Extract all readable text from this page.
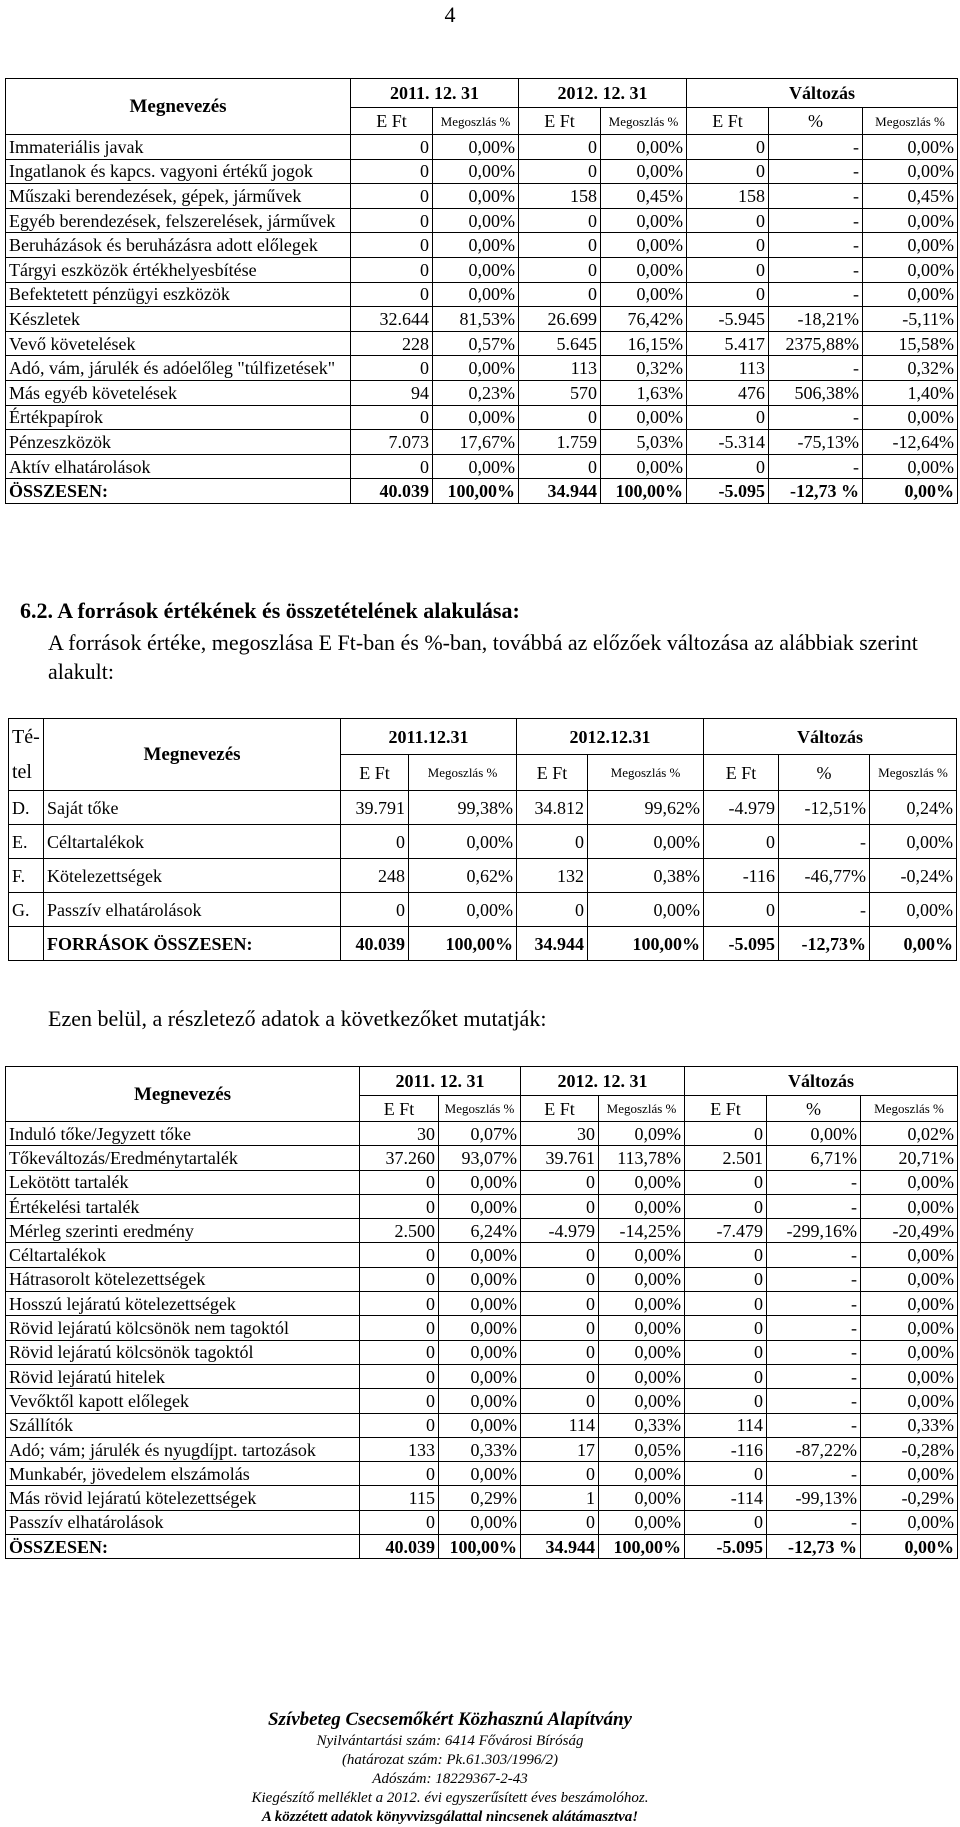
4
Megnevezés	2011. 12. 31		2012. 12. 31		Változás		
	E Ft	Megoszlás %	E Ft	Megoszlás %	E Ft	%	Megoszlás %
Immateriális javak	0	0,00%	0	0,00%	0	-	0,00%
Ingatlanok és kapcs. vagyoni értékű jogok	0	0,00%	0	0,00%	0	-	0,00%
Műszaki berendezések, gépek, járművek	0	0,00%	158	0,45%	158	-	0,45%
Egyéb berendezések, felszerelések, járművek	0	0,00%	0	0,00%	0	-	0,00%
Beruházások és beruházásra adott előlegek	0	0,00%	0	0,00%	0	-	0,00%
Tárgyi eszközök értékhelyesbítése	0	0,00%	0	0,00%	0	-	0,00%
Befektetett pénzügyi eszközök	0	0,00%	0	0,00%	0	-	0,00%
Készletek	32.644	81,53%	26.699	76,42%	-5.945	-18,21%	-5,11%
Vevő követelések	228	0,57%	5.645	16,15%	5.417	2375,88%	15,58%
Adó, vám, járulék és adóelőleg "túlfizetések"	0	0,00%	113	0,32%	113	-	0,32%
Más egyéb követelések	94	0,23%	570	1,63%	476	506,38%	1,40%
Értékpapírok	0	0,00%	0	0,00%	0	-	0,00%
Pénzeszközök	7.073	17,67%	1.759	5,03%	-5.314	-75,13%	-12,64%
Aktív elhatárolások	0	0,00%	0	0,00%	0	-	0,00%
ÖSSZESEN:	40.039	100,00%	34.944	100,00%	-5.095	-12,73 %	0,00%
6.2. A források értékének és összetételének alakulása:
A források értéke, megoszlása E Ft-ban és %-ban, továbbá az előzőek változása az alábbiak szerint alakult:
Té-	Megnevezés	2011.12.31		2012.12.31		Változás		
tel		E Ft	Megoszlás %	E Ft	Megoszlás %	E Ft	%	Megoszlás %
D.	Saját tőke	39.791	99,38%	34.812	99,62%	-4.979	-12,51%	0,24%
E.	Céltartalékok	0	0,00%	0	0,00%	0	-	0,00%
F.	Kötelezettségek	248	0,62%	132	0,38%	-116	-46,77%	-0,24%
G.	Passzív elhatárolások	0	0,00%	0	0,00%	0	-	0,00%
	FORRÁSOK ÖSSZESEN:	40.039	100,00%	34.944	100,00%	-5.095	-12,73%	0,00%
Ezen belül, a részletező adatok a következőket mutatják:
Megnevezés	2011. 12. 31		2012. 12. 31		Változás		
	E Ft	Megoszlás %	E Ft	Megoszlás %	E Ft	%	Megoszlás %
Induló tőke/Jegyzett tőke	30	0,07%	30	0,09%	0	0,00%	0,02%
Tőkeváltozás/Eredménytartalék	37.260	93,07%	39.761	113,78%	2.501	6,71%	20,71%
Lekötött tartalék	0	0,00%	0	0,00%	0	-	0,00%
Értékelési tartalék	0	0,00%	0	0,00%	0	-	0,00%
Mérleg szerinti eredmény	2.500	6,24%	-4.979	-14,25%	-7.479	-299,16%	-20,49%
Céltartalékok	0	0,00%	0	0,00%	0	-	0,00%
Hátrasorolt kötelezettségek	0	0,00%	0	0,00%	0	-	0,00%
Hosszú lejáratú kötelezettségek	0	0,00%	0	0,00%	0	-	0,00%
Rövid lejáratú kölcsönök nem tagoktól	0	0,00%	0	0,00%	0	-	0,00%
Rövid lejáratú kölcsönök tagoktól	0	0,00%	0	0,00%	0	-	0,00%
Rövid lejáratú hitelek	0	0,00%	0	0,00%	0	-	0,00%
Vevőktől kapott előlegek	0	0,00%	0	0,00%	0	-	0,00%
Szállítók	0	0,00%	114	0,33%	114	-	0,33%
Adó; vám; járulék és nyugdíjpt. tartozások	133	0,33%	17	0,05%	-116	-87,22%	-0,28%
Munkabér, jövedelem elszámolás	0	0,00%	0	0,00%	0	-	0,00%
Más rövid lejáratú kötelezettségek	115	0,29%	1	0,00%	-114	-99,13%	-0,29%
Passzív elhatárolások	0	0,00%	0	0,00%	0	-	0,00%
ÖSSZESEN:	40.039	100,00%	34.944	100,00%	-5.095	-12,73 %	0,00%
Szívbeteg Csecsemőkért Közhasznú Alapítvány
Nyilvántartási szám: 6414 Fővárosi Bíróság
(határozat szám: Pk.61.303/1996/2)
Adószám: 18229367-2-43
Kiegészítő melléklet a 2012. évi egyszerűsített éves beszámolóhoz.
A közzétett adatok könyvvizsgálattal nincsenek alátámasztva!
